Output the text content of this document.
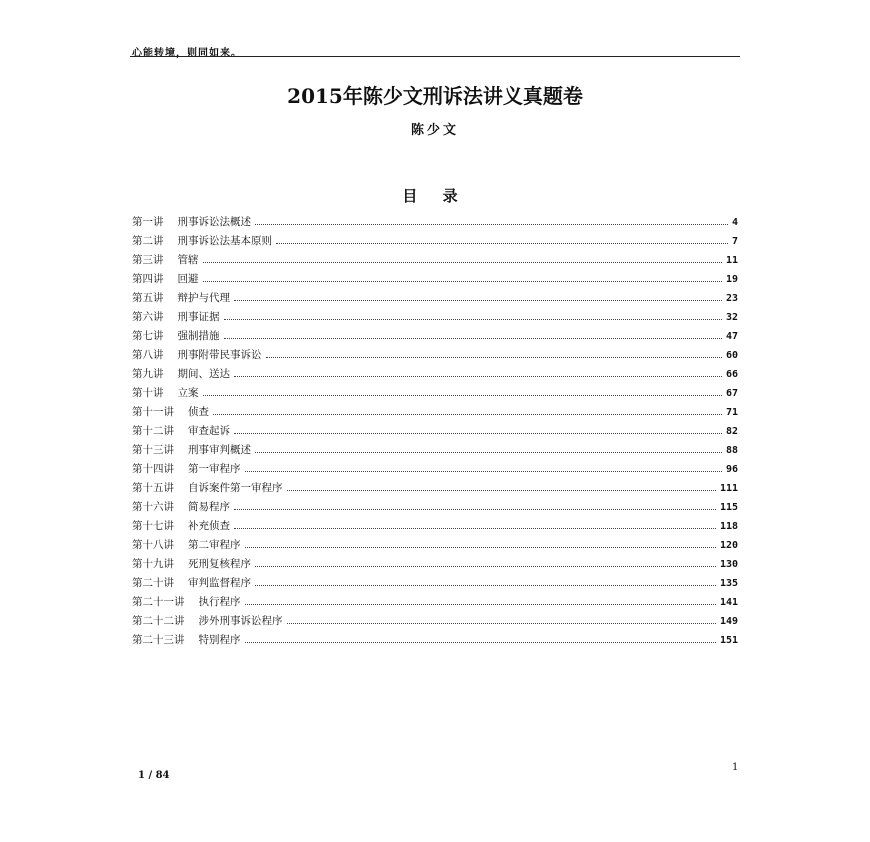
心能转境，则同如来。
2015年陈少文刑诉法讲义真题卷
陈少文
目 录
第一讲 刑事诉讼法概述	4
第二讲 刑事诉讼法基本原则	7
第三讲 管辖	11
第四讲 回避	19
第五讲 辩护与代理	23
第六讲 刑事证据	32
第七讲 强制措施	47
第八讲 刑事附带民事诉讼	60
第九讲 期间、送达	66
第十讲 立案	67
第十一讲 侦查	71
第十二讲 审查起诉	82
第十三讲 刑事审判概述	88
第十四讲 第一审程序	96
第十五讲 自诉案件第一审程序	111
第十六讲 简易程序	115
第十七讲 补充侦查	118
第十八讲 第二审程序	120
第十九讲 死刑复核程序	130
第二十讲 审判监督程序	135
第二十一讲 执行程序	141
第二十二讲 涉外刑事诉讼程序	149
第二十三讲 特别程序	151
1
1 / 84
